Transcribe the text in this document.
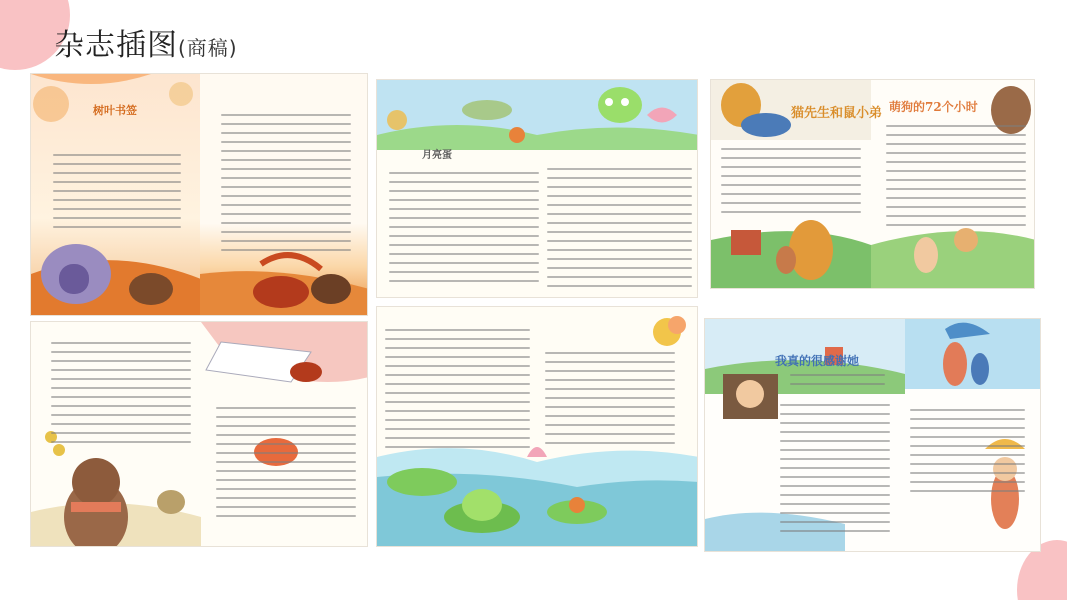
杂志插图(商稿)
树叶书签
月亮蛋
猫先生和鼠小弟 萌狗的72个小时
我真的很感谢她
